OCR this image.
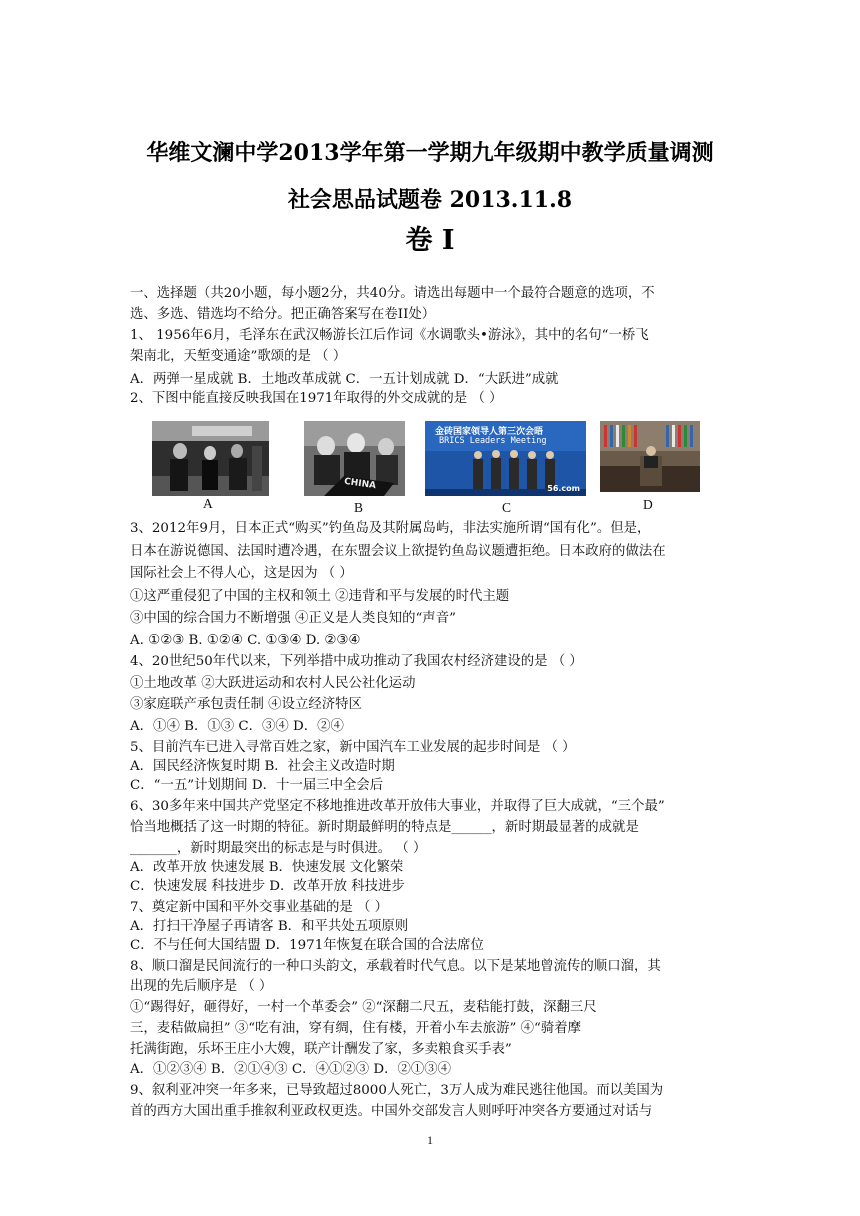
华维文澜中学2013学年第一学期九年级期中教学质量调测
社会思品试题卷 2013.11.8
卷 I
一、选择题（共20小题，每小题2分，共40分。请选出每题中一个最符合题意的选项，不
选、多选、错选均不给分。把正确答案写在卷II处）
1、 1956年6月，毛泽东在武汉畅游长江后作词《水调歌头•游泳》，其中的名句“一桥飞
架南北，天堑变通途”歌颂的是 （ ）
A．两弹一星成就 B．土地改革成就 C．一五计划成就 D．“大跃进”成就
2、下图中能直接反映我国在1971年取得的外交成就的是 （ ）
A
CHINA
B
金砖国家领导人第三次会晤
BRICS Leaders Meeting
56.com
C	D
3、2012年9月，日本正式“购买”钓鱼岛及其附属岛屿，非法实施所谓“国有化”。但是，
日本在游说德国、法国时遭冷遇，在东盟会议上欲提钓鱼岛议题遭拒绝。日本政府的做法在
国际社会上不得人心，这是因为 （ ）
①这严重侵犯了中国的主权和领土 ②违背和平与发展的时代主题
③中国的综合国力不断增强 ④正义是人类良知的“声音”
A. ①②③ B. ①②④ C. ①③④ D. ②③④
4、20世纪50年代以来，下列举措中成功推动了我国农村经济建设的是 （ ）
①土地改革 ②大跃进运动和农村人民公社化运动
③家庭联产承包责任制 ④设立经济特区
A．①④ B．①③ C．③④ D．②④
5、目前汽车已进入寻常百姓之家，新中国汽车工业发展的起步时间是 （ ）
A．国民经济恢复时期 B．社会主义改造时期
C．“一五”计划期间 D．十一届三中全会后
6、30多年来中国共产党坚定不移地推进改革开放伟大事业，并取得了巨大成就，“三个最”
恰当地概括了这一时期的特征。新时期最鲜明的特点是______，新时期最显著的成就是
_______，新时期最突出的标志是与时俱进。 （ ）
A．改革开放 快速发展 B．快速发展 文化繁荣
C．快速发展 科技进步 D．改革开放 科技进步
7、奠定新中国和平外交事业基础的是 （ ）
A．打扫干净屋子再请客 B．和平共处五项原则
C．不与任何大国结盟 D．1971年恢复在联合国的合法席位
8、顺口溜是民间流行的一种口头韵文，承载着时代气息。以下是某地曾流传的顺口溜，其
出现的先后顺序是 （ ）
①“踢得好，砸得好，一村一个革委会” ②“深翻二尺五，麦秸能打鼓，深翻三尺
三，麦秸做扁担” ③“吃有油，穿有绸，住有楼，开着小车去旅游” ④“骑着摩
托满街跑，乐坏王庄小大嫂，联产计酬发了家，多卖粮食买手表”
A．①②③④ B．②①④③ C．④①②③ D．②①③④
9、叙利亚冲突一年多来，已导致超过8000人死亡，3万人成为难民逃往他国。而以美国为
首的西方大国出重手推叙利亚政权更迭。中国外交部发言人则呼吁冲突各方要通过对话与
1
